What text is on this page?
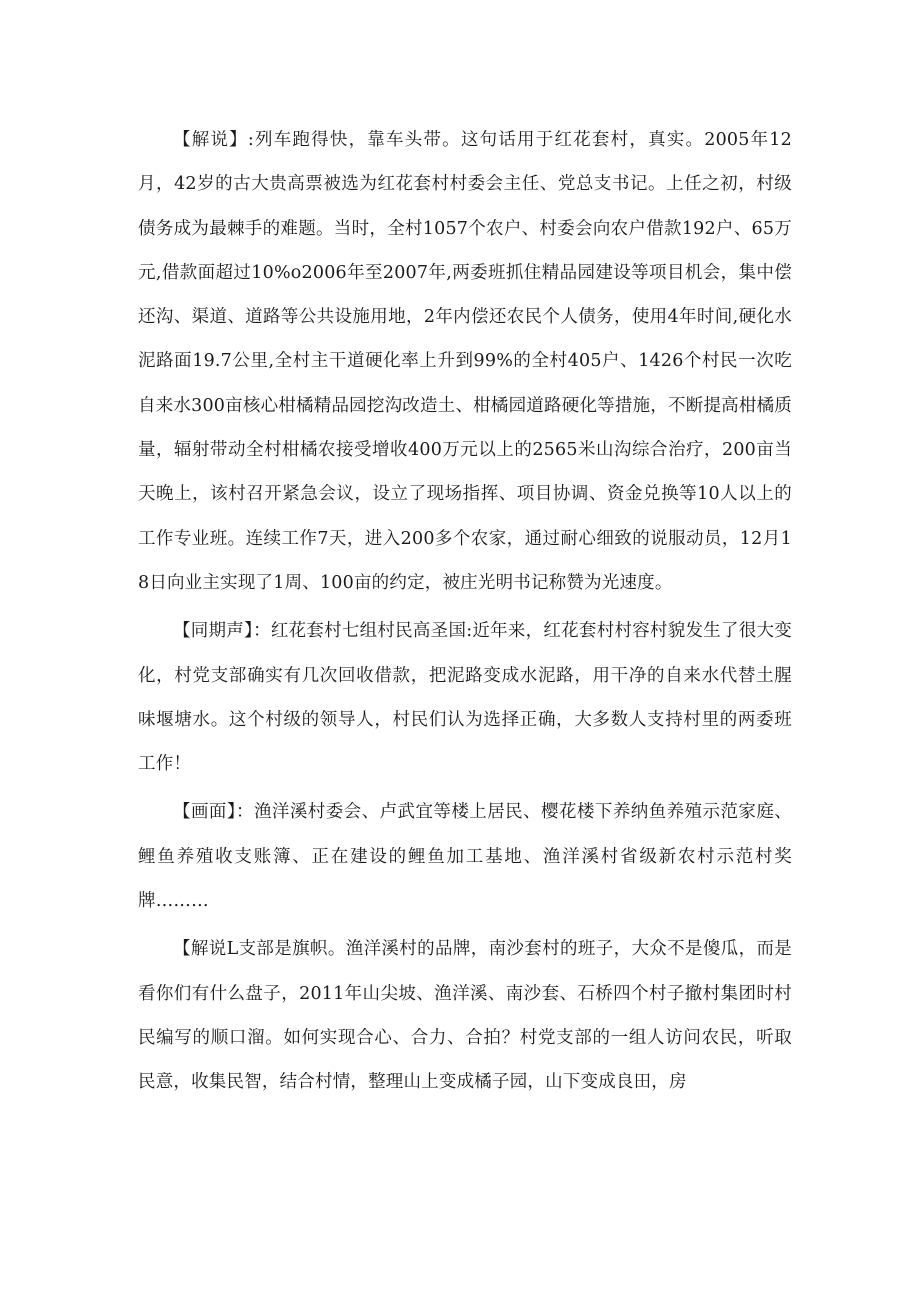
【解说】:列车跑得快，靠车头带。这句话用于红花套村，真实。2005年12月，42岁的古大贵高票被选为红花套村村委会主任、党总支书记。上任之初，村级债务成为最棘手的难题。当时，全村1057个农户、村委会向农户借款192户、65万元,借款面超过10%o2006年至2007年,两委班抓住精品园建设等项目机会，集中偿还沟、渠道、道路等公共设施用地，2年内偿还农民个人债务，使用4年时间,硬化水泥路面19.7公里,全村主干道硬化率上升到99%的全村405户、1426个村民一次吃自来水300亩核心柑橘精品园挖沟改造土、柑橘园道路硬化等措施，不断提高柑橘质量，辐射带动全村柑橘农接受增收400万元以上的2565米山沟综合治疗，200亩当天晚上，该村召开紧急会议，设立了现场指挥、项目协调、资金兑换等10人以上的工作专业班。连续工作7天，进入200多个农家，通过耐心细致的说服动员，12月18日向业主实现了1周、100亩的约定，被庄光明书记称赞为光速度。

【同期声】：红花套村七组村民高圣国:近年来，红花套村村容村貌发生了很大变化，村党支部确实有几次回收借款，把泥路变成水泥路，用干净的自来水代替土腥味堰塘水。这个村级的领导人，村民们认为选择正确，大多数人支持村里的两委班工作！

【画面】：渔洋溪村委会、卢武宜等楼上居民、樱花楼下养纳鱼养殖示范家庭、鲤鱼养殖收支账簿、正在建设的鲤鱼加工基地、渔洋溪村省级新农村示范村奖牌………

【解说L支部是旗帜。渔洋溪村的品牌，南沙套村的班子，大众不是傻瓜，而是看你们有什么盘子，2011年山尖坡、渔洋溪、南沙套、石桥四个村子撤村集团时村民编写的顺口溜。如何实现合心、合力、合拍？村党支部的一组人访问农民，听取民意，收集民智，结合村情，整理山上变成橘子园，山下变成良田，房
